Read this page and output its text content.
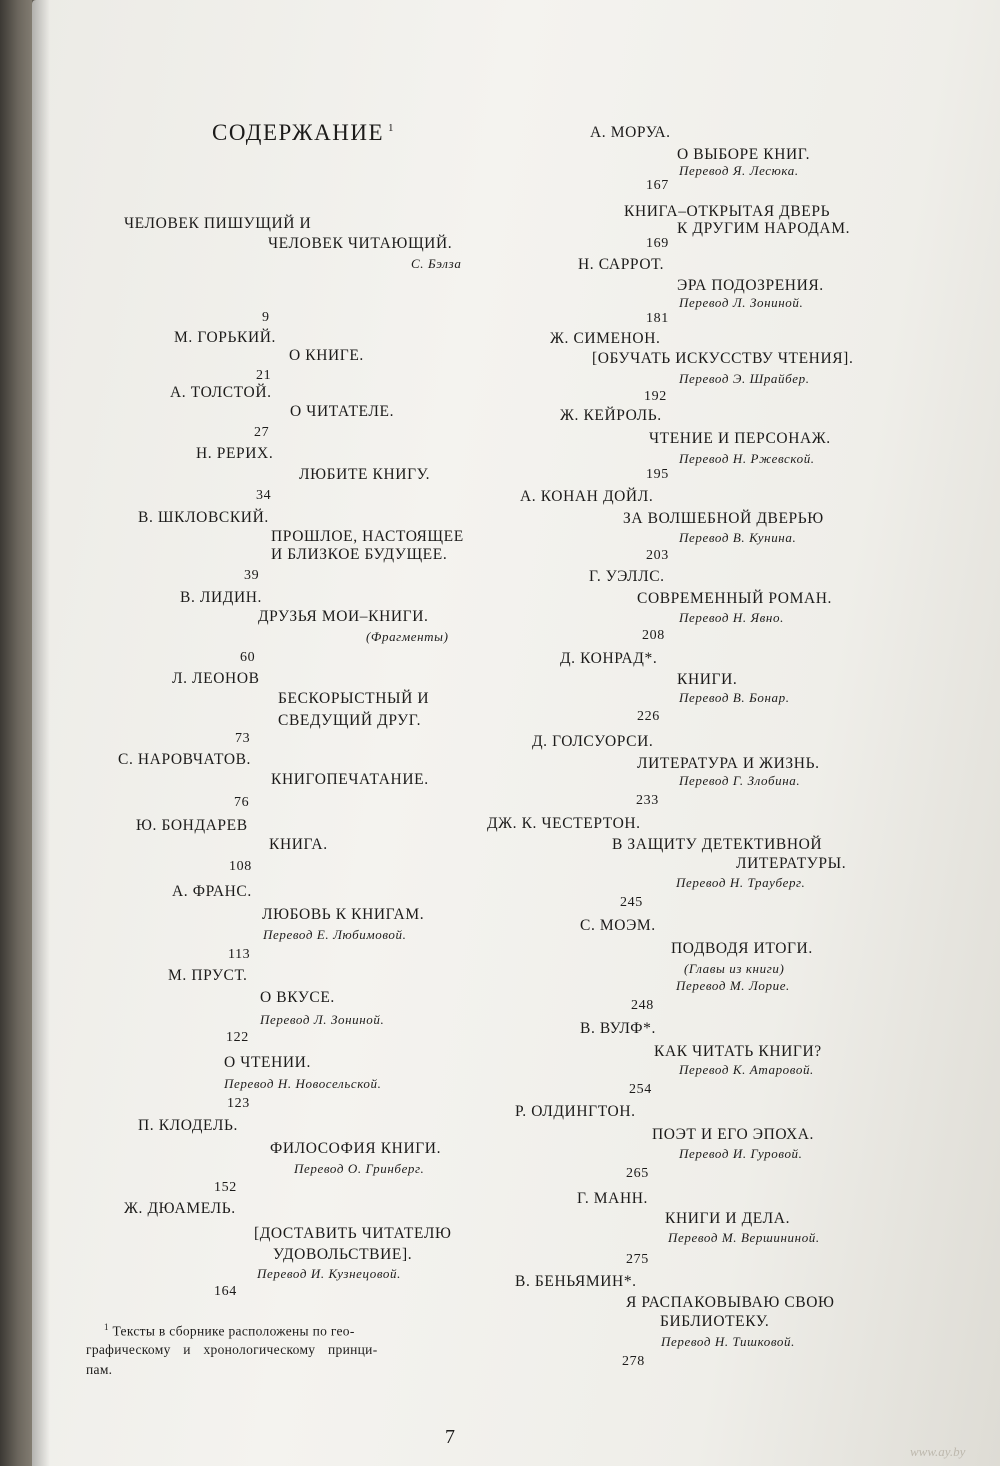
СОДЕРЖАНИЕ $^1$
ЧЕЛОВЕК ПИШУЩИЙ И
ЧЕЛОВЕК ЧИТАЮЩИЙ.
С. Бэлза
9
М. ГОРЬКИЙ.
О КНИГЕ.
21
А. ТОЛСТОЙ.
О ЧИТАТЕЛЕ.
27
Н. РЕРИХ.
ЛЮБИТЕ КНИГУ.
34
В. ШКЛОВСКИЙ.
ПРОШЛОЕ, НАСТОЯЩЕЕ
И БЛИЗКОЕ БУДУЩЕЕ.
39
В. ЛИДИН.
ДРУЗЬЯ МОИ–КНИГИ.
(Фрагменты)
60
Л. ЛЕОНОВ
БЕСКОРЫСТНЫЙ И
СВЕДУЩИЙ ДРУГ.
73
С. НАРОВЧАТОВ.
КНИГОПЕЧАТАНИЕ.
76
Ю. БОНДАРЕВ
КНИГА.
108
А. ФРАНС.
ЛЮБОВЬ К КНИГАМ.
Перевод Е. Любимовой.
113
М. ПРУСТ.
О ВКУСЕ.
Перевод Л. Зониной.
122
О ЧТЕНИИ.
Перевод Н. Новосельской.
123
П. КЛОДЕЛЬ.
ФИЛОСОФИЯ КНИГИ.
Перевод О. Гринберг.
152
Ж. ДЮАМЕЛЬ.
[ДОСТАВИТЬ ЧИТАТЕЛЮ
УДОВОЛЬСТВИЕ].
Перевод И. Кузнецовой.
164
$^1$ Тексты в сборнике расположены по гео-
графическому и хронологическому принци-
пам.
А. МОРУА.
О ВЫБОРЕ КНИГ.
Перевод Я. Лесюка.
167
КНИГА–ОТКРЫТАЯ ДВЕРЬ
К ДРУГИМ НАРОДАМ.
169
Н. САРРОТ.
ЭРА ПОДОЗРЕНИЯ.
Перевод Л. Зониной.
181
Ж. СИМЕНОН.
[ОБУЧАТЬ ИСКУССТВУ ЧТЕНИЯ].
Перевод Э. Шрайбер.
192
Ж. КЕЙРОЛЬ.
ЧТЕНИЕ И ПЕРСОНАЖ.
Перевод Н. Ржевской.
195
А. КОНАН ДОЙЛ.
ЗА ВОЛШЕБНОЙ ДВЕРЬЮ
Перевод В. Кунина.
203
Г. УЭЛЛС.
СОВРЕМЕННЫЙ РОМАН.
Перевод Н. Явно.
208
Д. КОНРАД*.
КНИГИ.
Перевод В. Бонар.
226
Д. ГОЛСУОРСИ.
ЛИТЕРАТУРА И ЖИЗНЬ.
Перевод Г. Злобина.
233
ДЖ. К. ЧЕСТЕРТОН.
В ЗАЩИТУ ДЕТЕКТИВНОЙ
ЛИТЕРАТУРЫ.
Перевод Н. Трауберг.
245
С. МОЭМ.
ПОДВОДЯ ИТОГИ.
(Главы из книги)
Перевод М. Лорие.
248
В. ВУЛФ*.
КАК ЧИТАТЬ КНИГИ?
Перевод К. Атаровой.
254
Р. ОЛДИНГТОН.
ПОЭТ И ЕГО ЭПОХА.
Перевод И. Гуровой.
265
Г. МАНН.
КНИГИ И ДЕЛА.
Перевод М. Вершининой.
275
В. БЕНЬЯМИН*.
Я РАСПАКОВЫВАЮ СВОЮ
БИБЛИОТЕКУ.
Перевод Н. Тишковой.
278
7
www.ay.by
